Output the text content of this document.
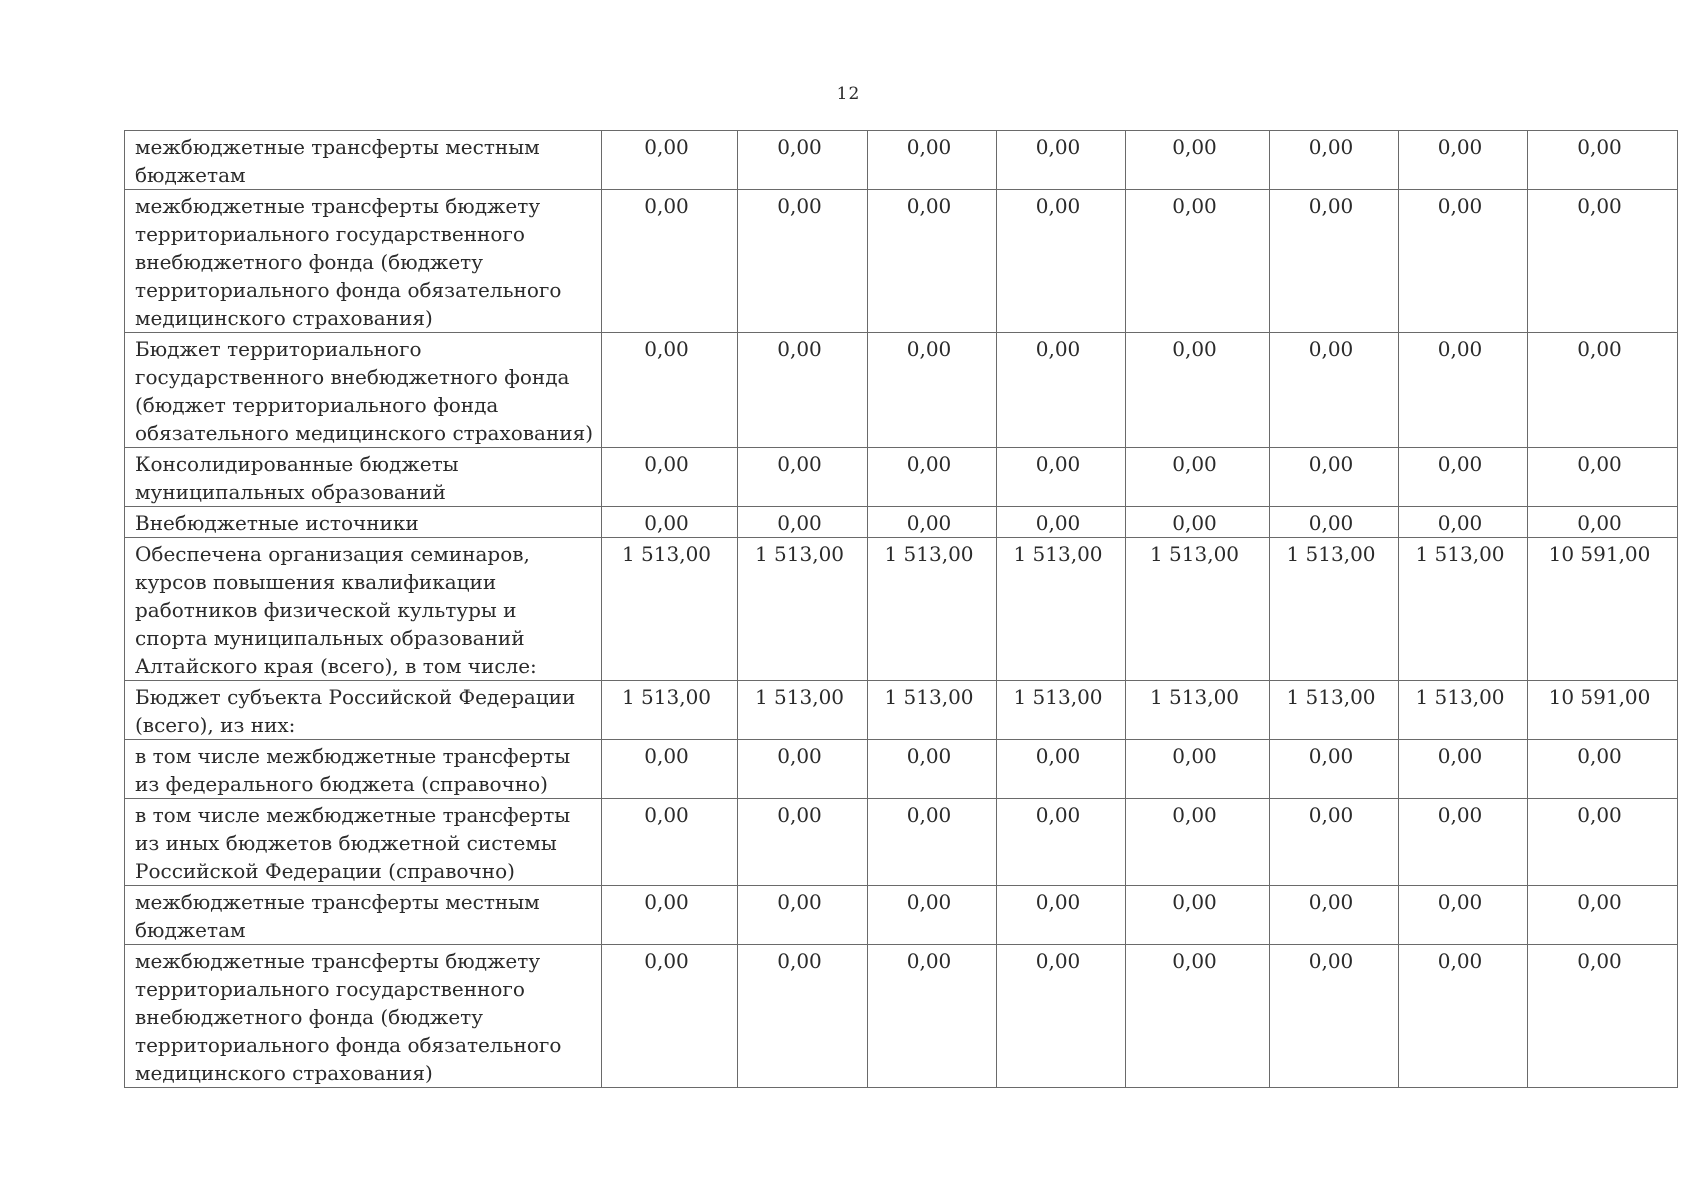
12
межбюджетные трансферты местным бюджетам	0,00	0,00	0,00	0,00	0,00	0,00	0,00	0,00
межбюджетные трансферты бюджету территориального государственного внебюджетного фонда (бюджету территориального фонда обязательного медицинского страхования)	0,00	0,00	0,00	0,00	0,00	0,00	0,00	0,00
Бюджет территориального государственного внебюджетного фонда (бюджет территориального фонда обязательного медицинского страхования)	0,00	0,00	0,00	0,00	0,00	0,00	0,00	0,00
Консолидированные бюджеты муниципальных образований	0,00	0,00	0,00	0,00	0,00	0,00	0,00	0,00
Внебюджетные источники	0,00	0,00	0,00	0,00	0,00	0,00	0,00	0,00
Обеспечена организация семинаров, курсов повышения квалификации работников физической культуры и спорта муниципальных образований Алтайского края (всего), в том числе:	1 513,00	1 513,00	1 513,00	1 513,00	1 513,00	1 513,00	1 513,00	10 591,00
Бюджет субъекта Российской Федерации (всего), из них:	1 513,00	1 513,00	1 513,00	1 513,00	1 513,00	1 513,00	1 513,00	10 591,00
в том числе межбюджетные трансферты из федерального бюджета (справочно)	0,00	0,00	0,00	0,00	0,00	0,00	0,00	0,00
в том числе межбюджетные трансферты из иных бюджетов бюджетной системы Российской Федерации (справочно)	0,00	0,00	0,00	0,00	0,00	0,00	0,00	0,00
межбюджетные трансферты местным бюджетам	0,00	0,00	0,00	0,00	0,00	0,00	0,00	0,00
межбюджетные трансферты бюджету территориального государственного внебюджетного фонда (бюджету территориального фонда обязательного медицинского страхования)	0,00	0,00	0,00	0,00	0,00	0,00	0,00	0,00
